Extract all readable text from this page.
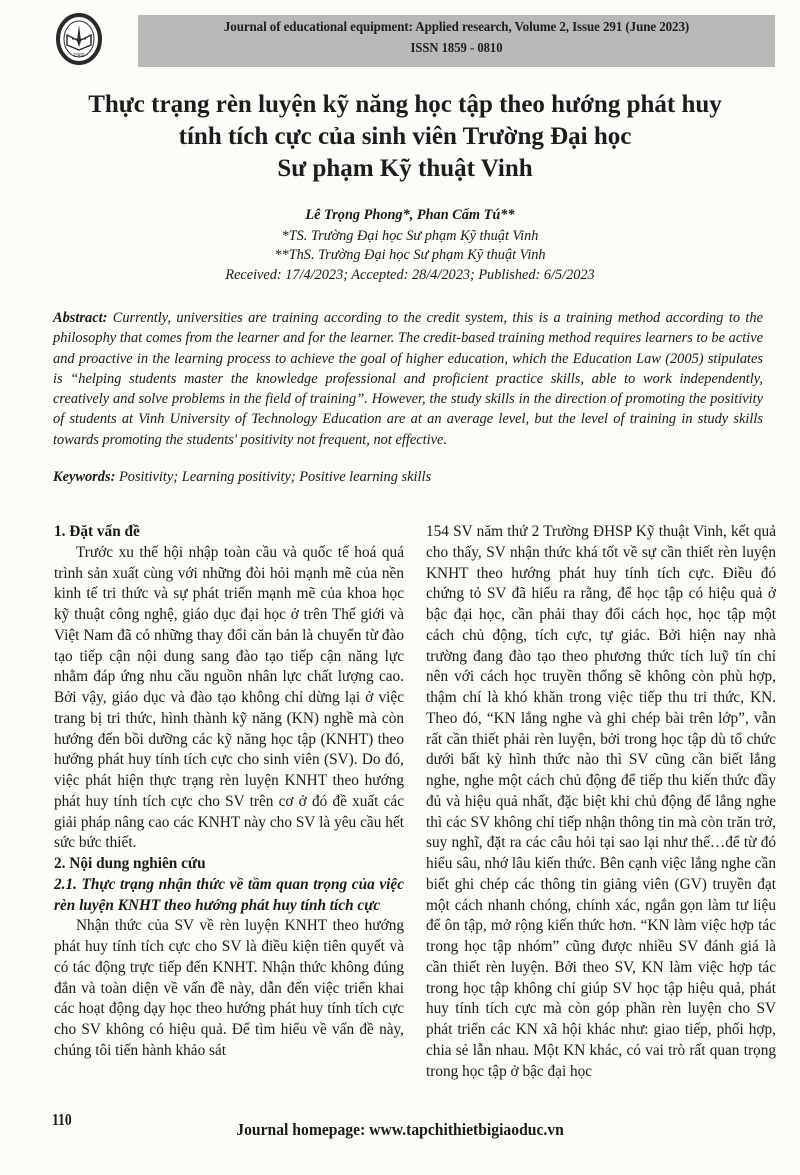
1960
Journal of educational equipment: Applied research, Volume 2, Issue 291 (June 2023)
ISSN 1859 - 0810
Thực trạng rèn luyện kỹ năng học tập theo hướng phát huy
tính tích cực của sinh viên Trường Đại học
Sư phạm Kỹ thuật Vinh
Lê Trọng Phong*, Phan Cẩm Tú**
*TS. Trường Đại học Sư phạm Kỹ thuật Vinh
**ThS. Trường Đại học Sư phạm Kỹ thuật Vinh
Received: 17/4/2023; Accepted: 28/4/2023; Published: 6/5/2023
Abstract: Currently, universities are training according to the credit system, this is a training method according to the philosophy that comes from the learner and for the learner. The credit-based training method requires learners to be active and proactive in the learning process to achieve the goal of higher education, which the Education Law (2005) stipulates is “helping students master the knowledge professional and proficient practice skills, able to work independently, creatively and solve problems in the field of training”. However, the study skills in the direction of promoting the positivity of students at Vinh University of Technology Education are at an average level, but the level of training in study skills towards promoting the students' positivity not frequent, not effective.
Keywords: Positivity; Learning positivity; Positive learning skills

1. Đặt vấn đề

Trước xu thế hội nhập toàn cầu và quốc tế hoá quá trình sản xuất cùng với những đòi hỏi mạnh mẽ của nền kinh tế tri thức và sự phát triển mạnh mẽ của khoa học kỹ thuật công nghệ, giáo dục đại học ở trên Thế giới và Việt Nam đã có những thay đổi căn bản là chuyển từ đào tạo tiếp cận nội dung sang đào tạo tiếp cận năng lực nhằm đáp ứng nhu cầu nguồn nhân lực chất lượng cao. Bởi vậy, giáo dục và đào tạo không chỉ dừng lại ở việc trang bị tri thức, hình thành kỹ năng (KN) nghề mà còn hướng đến bồi dưỡng các kỹ năng học tập (KNHT) theo hướng phát huy tính tích cực cho sinh viên (SV). Do đó, việc phát hiện thực trạng rèn luyện KNHT theo hướng phát huy tính tích cực cho SV trên cơ ở đó đề xuất các giải pháp nâng cao các KNHT này cho SV là yêu cầu hết sức bức thiết.

2. Nội dung nghiên cứu

2.1. Thực trạng nhận thức về tầm quan trọng của việc rèn luyện KNHT theo hướng phát huy tính tích cực

Nhận thức của SV về rèn luyện KNHT theo hướng phát huy tính tích cực cho SV là điều kiện tiên quyết và có tác động trực tiếp đến KNHT. Nhận thức không đúng đắn và toàn diện về vấn đề này, dẫn đến việc triển khai các hoạt động dạy học theo hướng phát huy tính tích cực cho SV không có hiệu quả. Để tìm hiểu về vấn đề này, chúng tôi tiến hành khảo sát

154 SV năm thứ 2 Trường ĐHSP Kỹ thuật Vinh, kết quả cho thấy, SV nhận thức khá tốt về sự cần thiết rèn luyện KNHT theo hướng phát huy tính tích cực. Điều đó chứng tỏ SV đã hiểu ra rằng, để học tập có hiệu quả ở bậc đại học, cần phải thay đổi cách học, học tập một cách chủ động, tích cực, tự giác. Bởi hiện nay nhà trường đang đào tạo theo phương thức tích luỹ tín chỉ nên với cách học truyền thống sẽ không còn phù hợp, thậm chí là khó khăn trong việc tiếp thu tri thức, KN. Theo đó, “KN lắng nghe và ghi chép bài trên lớp”, vẫn rất cần thiết phải rèn luyện, bởi trong học tập dù tổ chức dưới bất kỳ hình thức nào thì SV cũng cần biết lắng nghe, nghe một cách chủ động để tiếp thu kiến thức đầy đủ và hiệu quả nhất, đặc biệt khi chủ động để lắng nghe thì các SV không chỉ tiếp nhận thông tin mà còn trăn trở, suy nghĩ, đặt ra các câu hỏi tại sao lại như thế…để từ đó hiểu sâu, nhớ lâu kiến thức. Bên cạnh việc lắng nghe cần biết ghi chép các thông tin giảng viên (GV) truyền đạt một cách nhanh chóng, chính xác, ngắn gọn làm tư liệu để ôn tập, mở rộng kiến thức hơn. “KN làm việc hợp tác trong học tập nhóm” cũng được nhiều SV đánh giá là cần thiết rèn luyện. Bởi theo SV, KN làm việc hợp tác trong học tập không chỉ giúp SV học tập hiệu quả, phát huy tính tích cực mà còn góp phần rèn luyện cho SV phát triển các KN xã hội khác như: giao tiếp, phối hợp, chia sẻ lẫn nhau. Một KN khác, có vai trò rất quan trọng trong học tập ở bậc đại học

110
Journal homepage: www.tapchithietbigiaoduc.vn
